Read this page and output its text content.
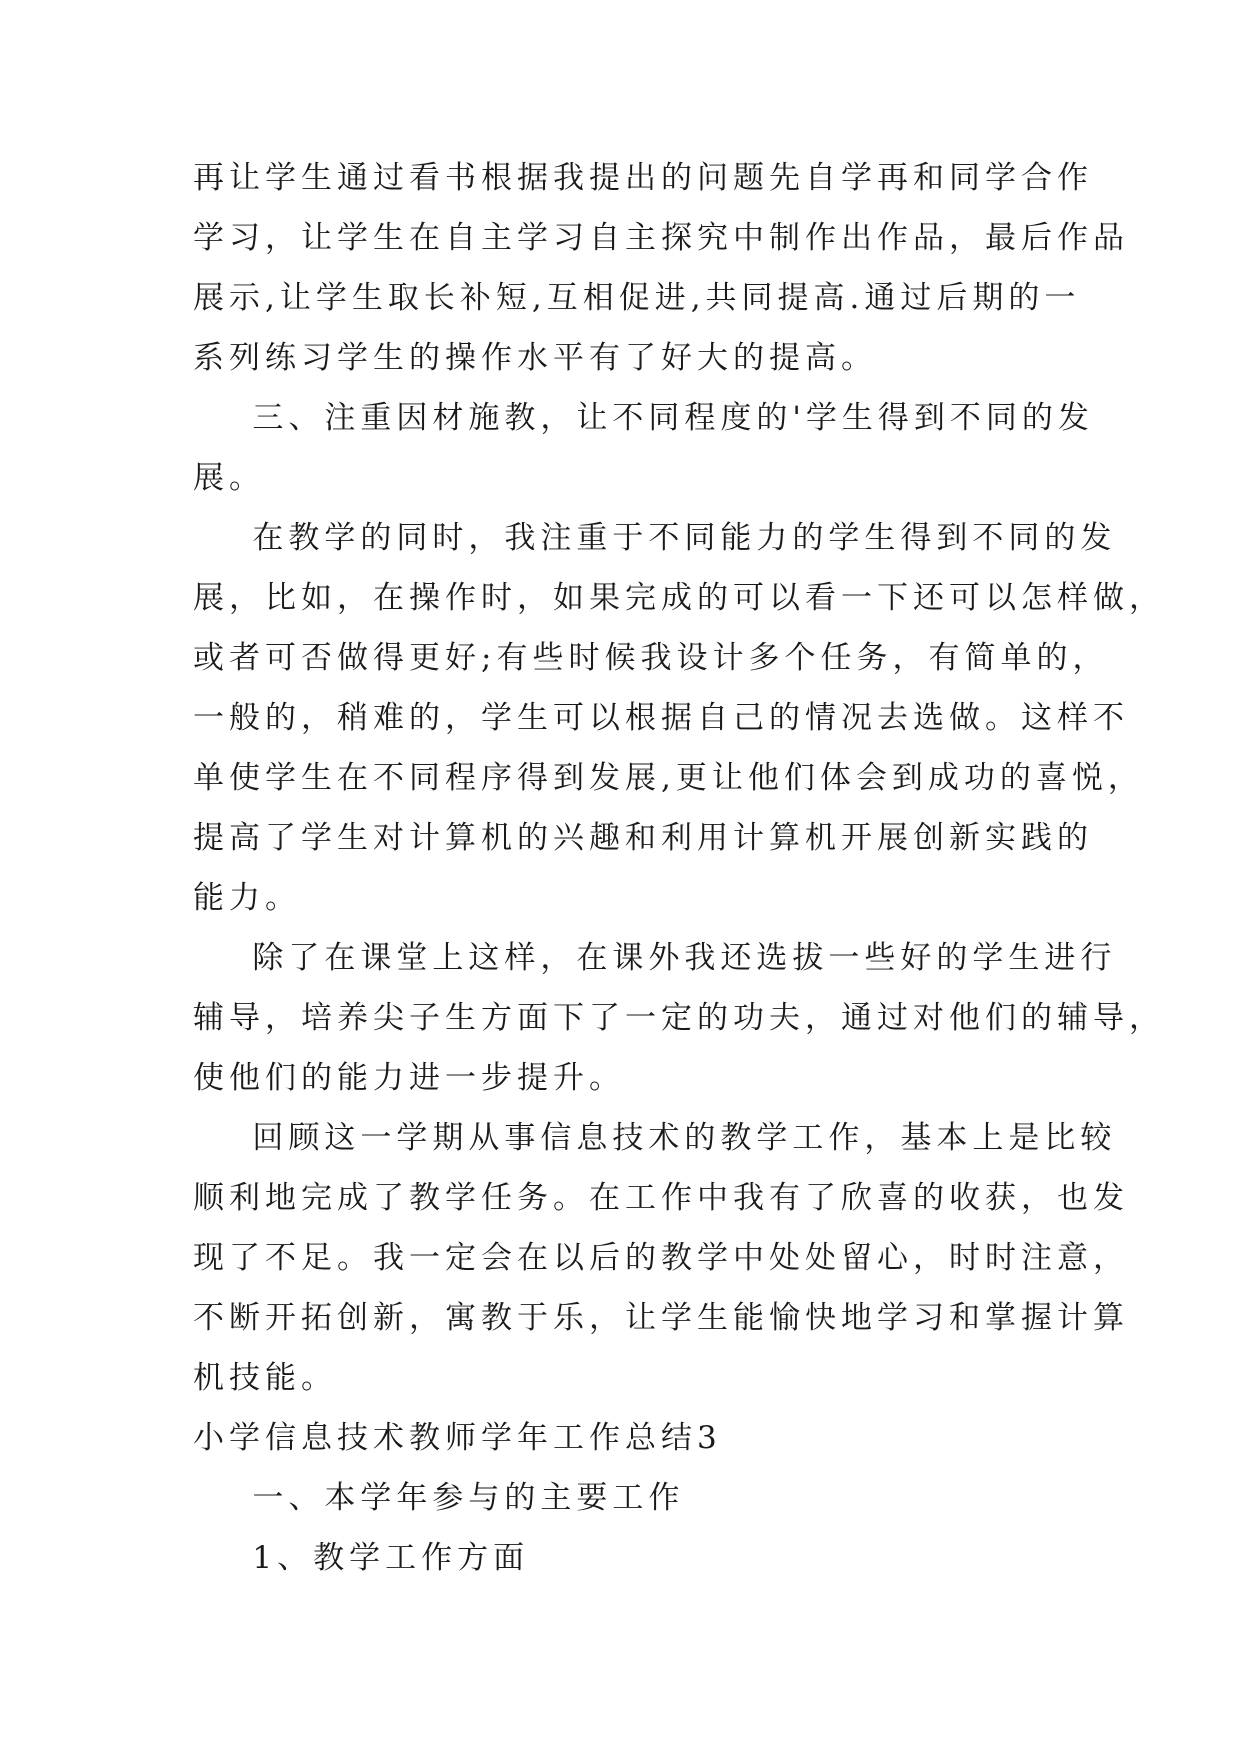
再让学生通过看书根据我提出的问题先自学再和同学合作
学习，让学生在自主学习自主探究中制作出作品，最后作品
展示,让学生取长补短,互相促进,共同提高.通过后期的一
系列练习学生的操作水平有了好大的提高。
三、注重因材施教，让不同程度的'学生得到不同的发
展。
在教学的同时，我注重于不同能力的学生得到不同的发
展，比如，在操作时，如果完成的可以看一下还可以怎样做，
或者可否做得更好;有些时候我设计多个任务，有简单的，
一般的，稍难的，学生可以根据自己的情况去选做。这样不
单使学生在不同程序得到发展,更让他们体会到成功的喜悦，
提高了学生对计算机的兴趣和利用计算机开展创新实践的
能力。
除了在课堂上这样，在课外我还选拔一些好的学生进行
辅导，培养尖子生方面下了一定的功夫，通过对他们的辅导，
使他们的能力进一步提升。
回顾这一学期从事信息技术的教学工作，基本上是比较
顺利地完成了教学任务。在工作中我有了欣喜的收获，也发
现了不足。我一定会在以后的教学中处处留心，时时注意，
不断开拓创新，寓教于乐，让学生能愉快地学习和掌握计算
机技能。
小学信息技术教师学年工作总结3
一、本学年参与的主要工作
1、教学工作方面
